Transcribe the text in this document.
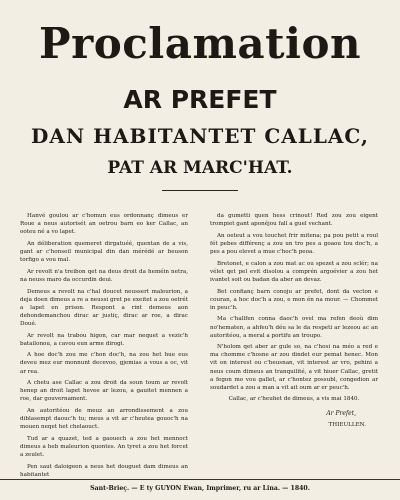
Proclamation
AR PREFET
DAN HABITANTET CALLAC,
PAT AR MARC'HAT.

Hanvé goulou ar c'homun eus ordonnanç dimeus er Roue a neus autorisét an oetrou barn eo ker Callac, an ooteu né a vo lapet.

An déliberation quemeret dirgatuéé, quentan de a vis, gant ar c'honseil municipal din dan mérédé ar beuson torfigo a vou mal.

Ar revolt n'a treibon qet na deus droit da heméin netra, na neuss maro da occurdin deui.

Demeus a revolt na c'hal doucet neussert maleurion, a deja doen dimeus a re a neussi gret pe exeitet a zou oetrét a lapet en prison. Respont a rint demeus aon dehondemanchou dirac ar justiç, dirac ar roe, a dirac Doué.

Ar revolt na trabou higon, car mar nequet a vezic'h batailonou, a cavou eun arme dirogi.

A hoe doc'h zou me c'hon doc'h, na zou het hue eus deveu mez eur monnunt decevoo, gjemias a vous a oc, vit ar rea.

A chetu ase Callac a zou droit da soun toum ar revolt henep an droit lapet hevee ar lezou, a gauitet mennen a roe, dar gouvernament.

An autoritéou de meuz an arrondissement a zou diblasempt daouc'h tu; meus a vit ar c'heutea gouoc'h na mouen neqet het chelaouct.

Tud ar a quazet, ted a gaouech a zou het mennoct dimeus a heb maleurion quontes. An tyret a zou het forcet a zeulet.

Pen saut daloigeen a neus het douguet dam dimeus an habitantet

da gumetti quen hess crinout! Red zou zou eigent trompiet gant aponéjou fall a guel vechant.

An oeteut a vou touchet frir mitena; pa pou petit a roul fét pebes différenç a zou un tro pes a goaou tou doc'h, a pes a pou elevet a mue c'hoc'h peoa.

Bretonet, e calon a zou mat ac ou spezet a zou sclér; na vélet qet pel evit disolou a comprén argoévier a zou het ivantet soit ou badan da aber an devaz.

Bet confianç barn conoju ar prefet, dont da vecton e couran, a hoc doc'h a zou, e mon én na mour. — Chommet in peuc'h.

Ma c'hallfen conna daoc'h ovel ma refen deoù dim no'hematen, a ahfeu'h déu sa le da respeti ar lezeou ac an autoritéou, a meral a portifu an troupo.

N'holom qet aber ar gule so, na c'hosi na méo a red e ma chomme c'hosne ar zou dindet eur pemat henec. Mon vit on interest ou c'heusnan, vit interest ar vro, pehini a neus coum dimeus an tranquilité, a vit hiuer Callac, gretit a fegon mo vou gallet, ar c'hontez possubl, congedion ar soudardet a zou a man a vit ait oum ar er peuc'h.

Callac, ar c'heuhet de dimeus, a vis mai 1840.

Ar Prefet,

THIEULLEN.

Sant-Brieç. — E ty GUYON Ewan, Imprimer, ru ar Lina. — 1840.
